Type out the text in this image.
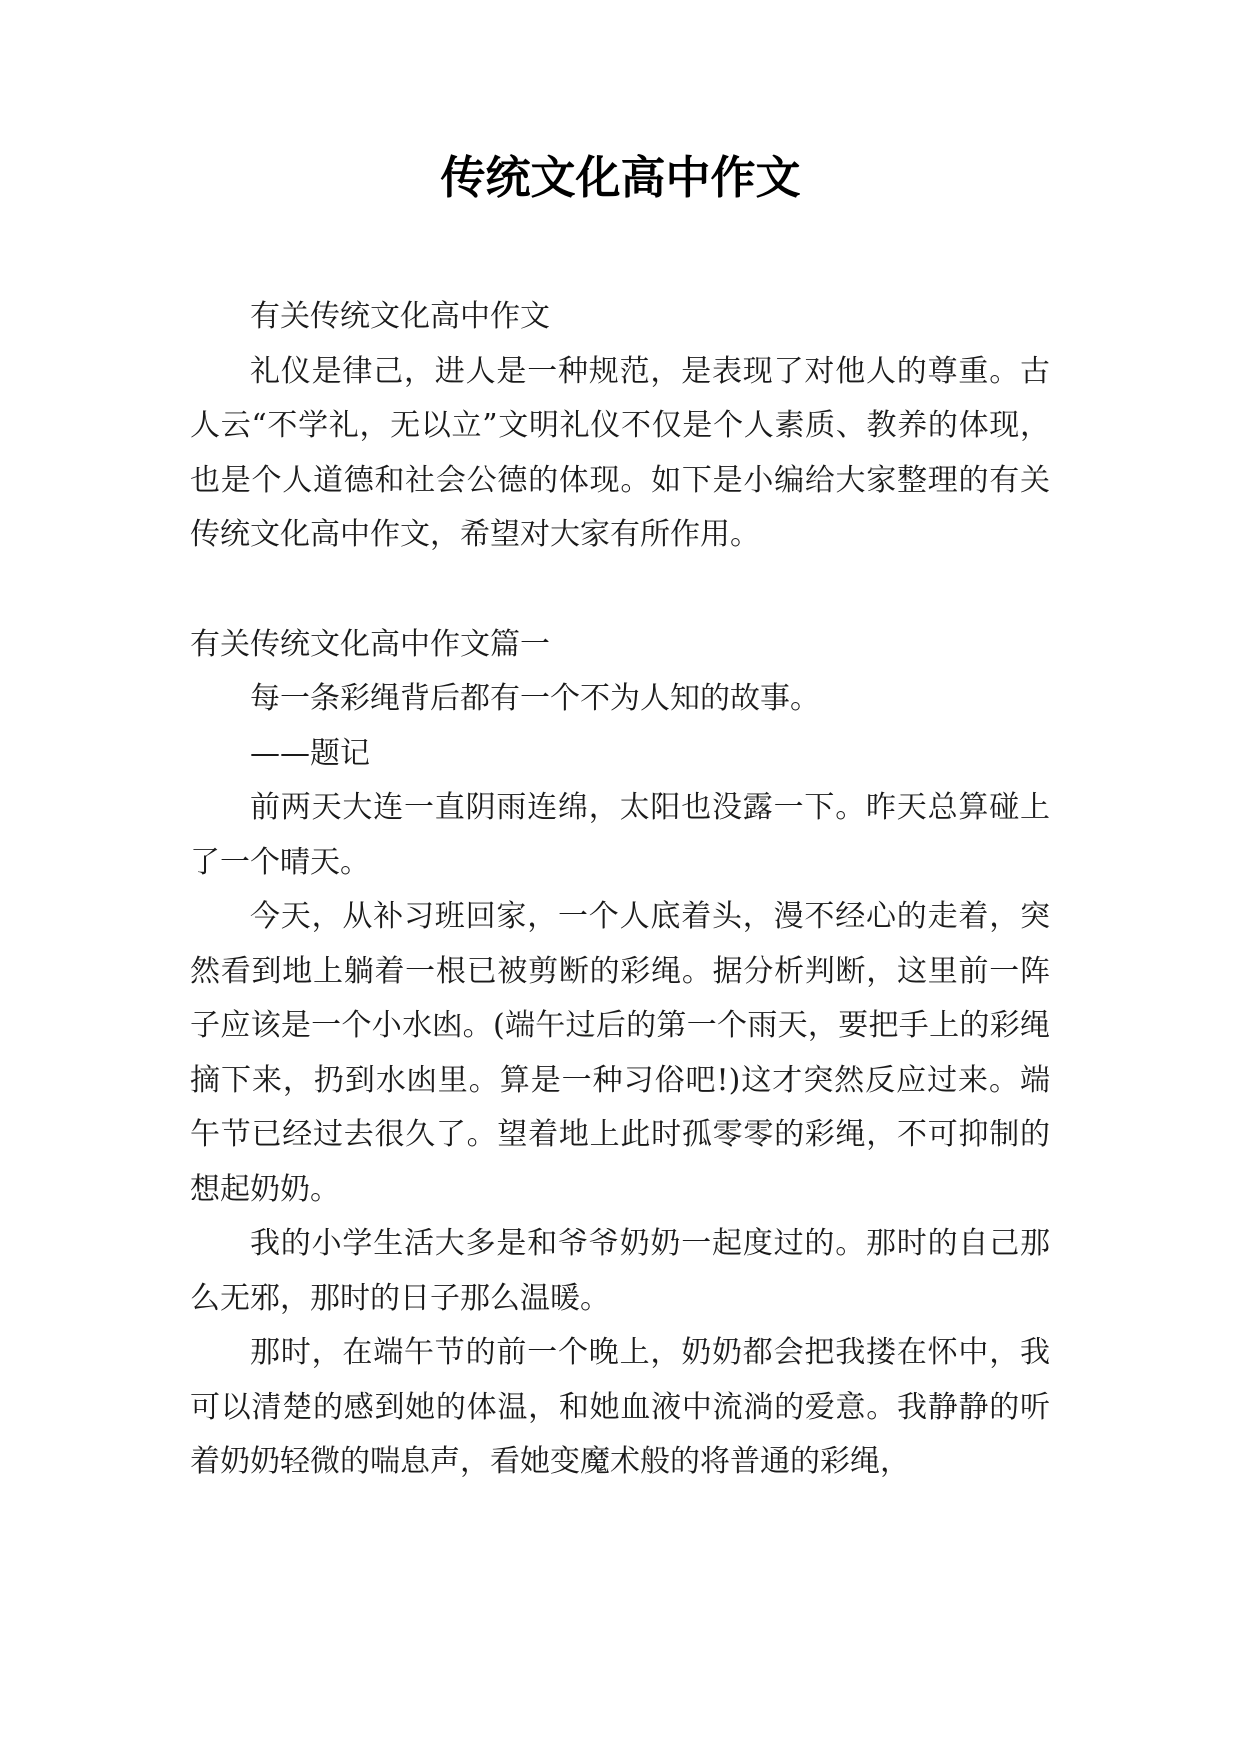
传统文化高中作文

有关传统文化高中作文

礼仪是律己，进人是一种规范，是表现了对他人的尊重。古人云“不学礼，无以立”文明礼仪不仅是个人素质、教养的体现，也是个人道德和社会公德的体现。如下是小编给大家整理的有关传统文化高中作文，希望对大家有所作用。

有关传统文化高中作文篇一

每一条彩绳背后都有一个不为人知的故事。

——题记

前两天大连一直阴雨连绵，太阳也没露一下。昨天总算碰上了一个晴天。

今天，从补习班回家，一个人底着头，漫不经心的走着，突然看到地上躺着一根已被剪断的彩绳。据分析判断，这里前一阵子应该是一个小水凼。(端午过后的第一个雨天，要把手上的彩绳摘下来，扔到水凼里。算是一种习俗吧!)这才突然反应过来。端午节已经过去很久了。望着地上此时孤零零的彩绳，不可抑制的想起奶奶。

我的小学生活大多是和爷爷奶奶一起度过的。那时的自己那么无邪，那时的日子那么温暖。

那时，在端午节的前一个晚上，奶奶都会把我搂在怀中，我可以清楚的感到她的体温，和她血液中流淌的爱意。我静静的听着奶奶轻微的喘息声，看她变魔术般的将普通的彩绳，
